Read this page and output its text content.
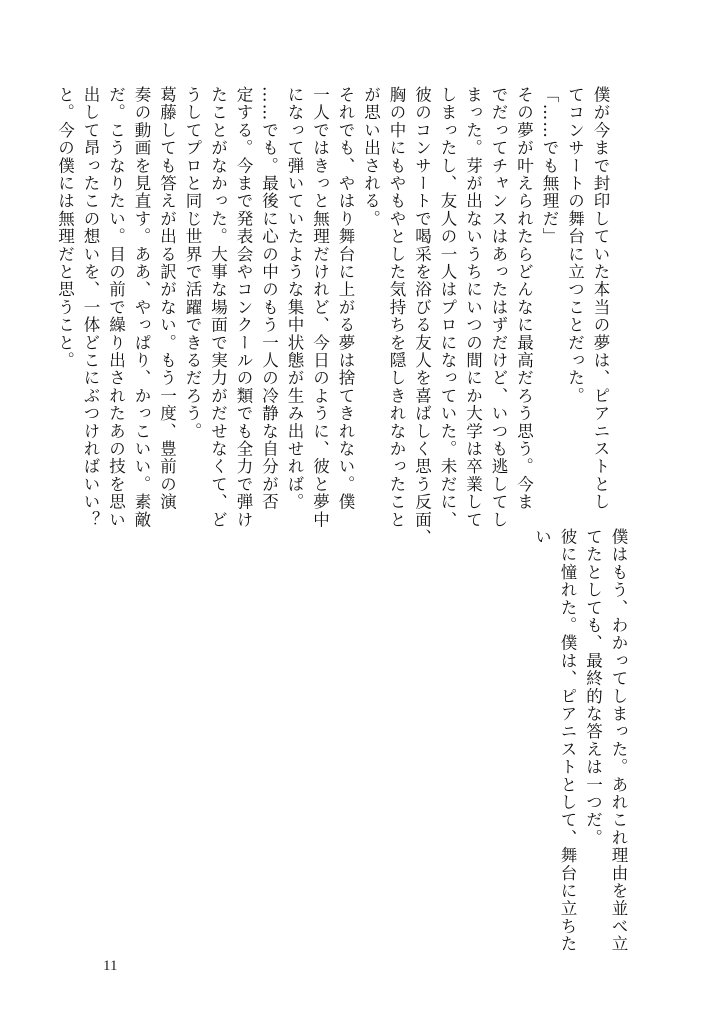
僕が今まで封印していた本当の夢は、ピアニストとし

てコンサートの舞台に立つことだった。

「……でも無理だ」

その夢が叶えられたらどんなに最高だろう思う。今ま

でだってチャンスはあったはずだけど、いつも逃してし

まった。芽が出ないうちにいつの間にか大学は卒業して

しまったし、友人の一人はプロになっていた。未だに、

彼のコンサートで喝采を浴びる友人を喜ばしく思う反面、

胸の中にもやもやとした気持ちを隠しきれなかったこと

が思い出される。

それでも、やはり舞台に上がる夢は捨てきれない。僕

一人ではきっと無理だけれど、今日のように、彼と夢中

になって弾いていたような集中状態が生み出せれば。

……でも。最後に心の中のもう一人の冷静な自分が否

定する。今まで発表会やコンクールの類でも全力で弾け

たことがなかった。大事な場面で実力がだせなくて、ど

うしてプロと同じ世界で活躍できるだろう。

葛藤しても答えが出る訳がない。もう一度、豊前の演

奏の動画を見直す。ああ、やっぱり、かっこいい。素敵

だ。こうなりたい。目の前で繰り出されたあの技を思い

出して昂ったこの想いを、一体どこにぶつければいい？

と。今の僕には無理だと思うこと。

僕はもう、わかってしまった。あれこれ理由を並べ立

てたとしても、最終的な答えは一つだ。

彼に憧れた。僕は、ピアニストとして、舞台に立ちた

い

11
